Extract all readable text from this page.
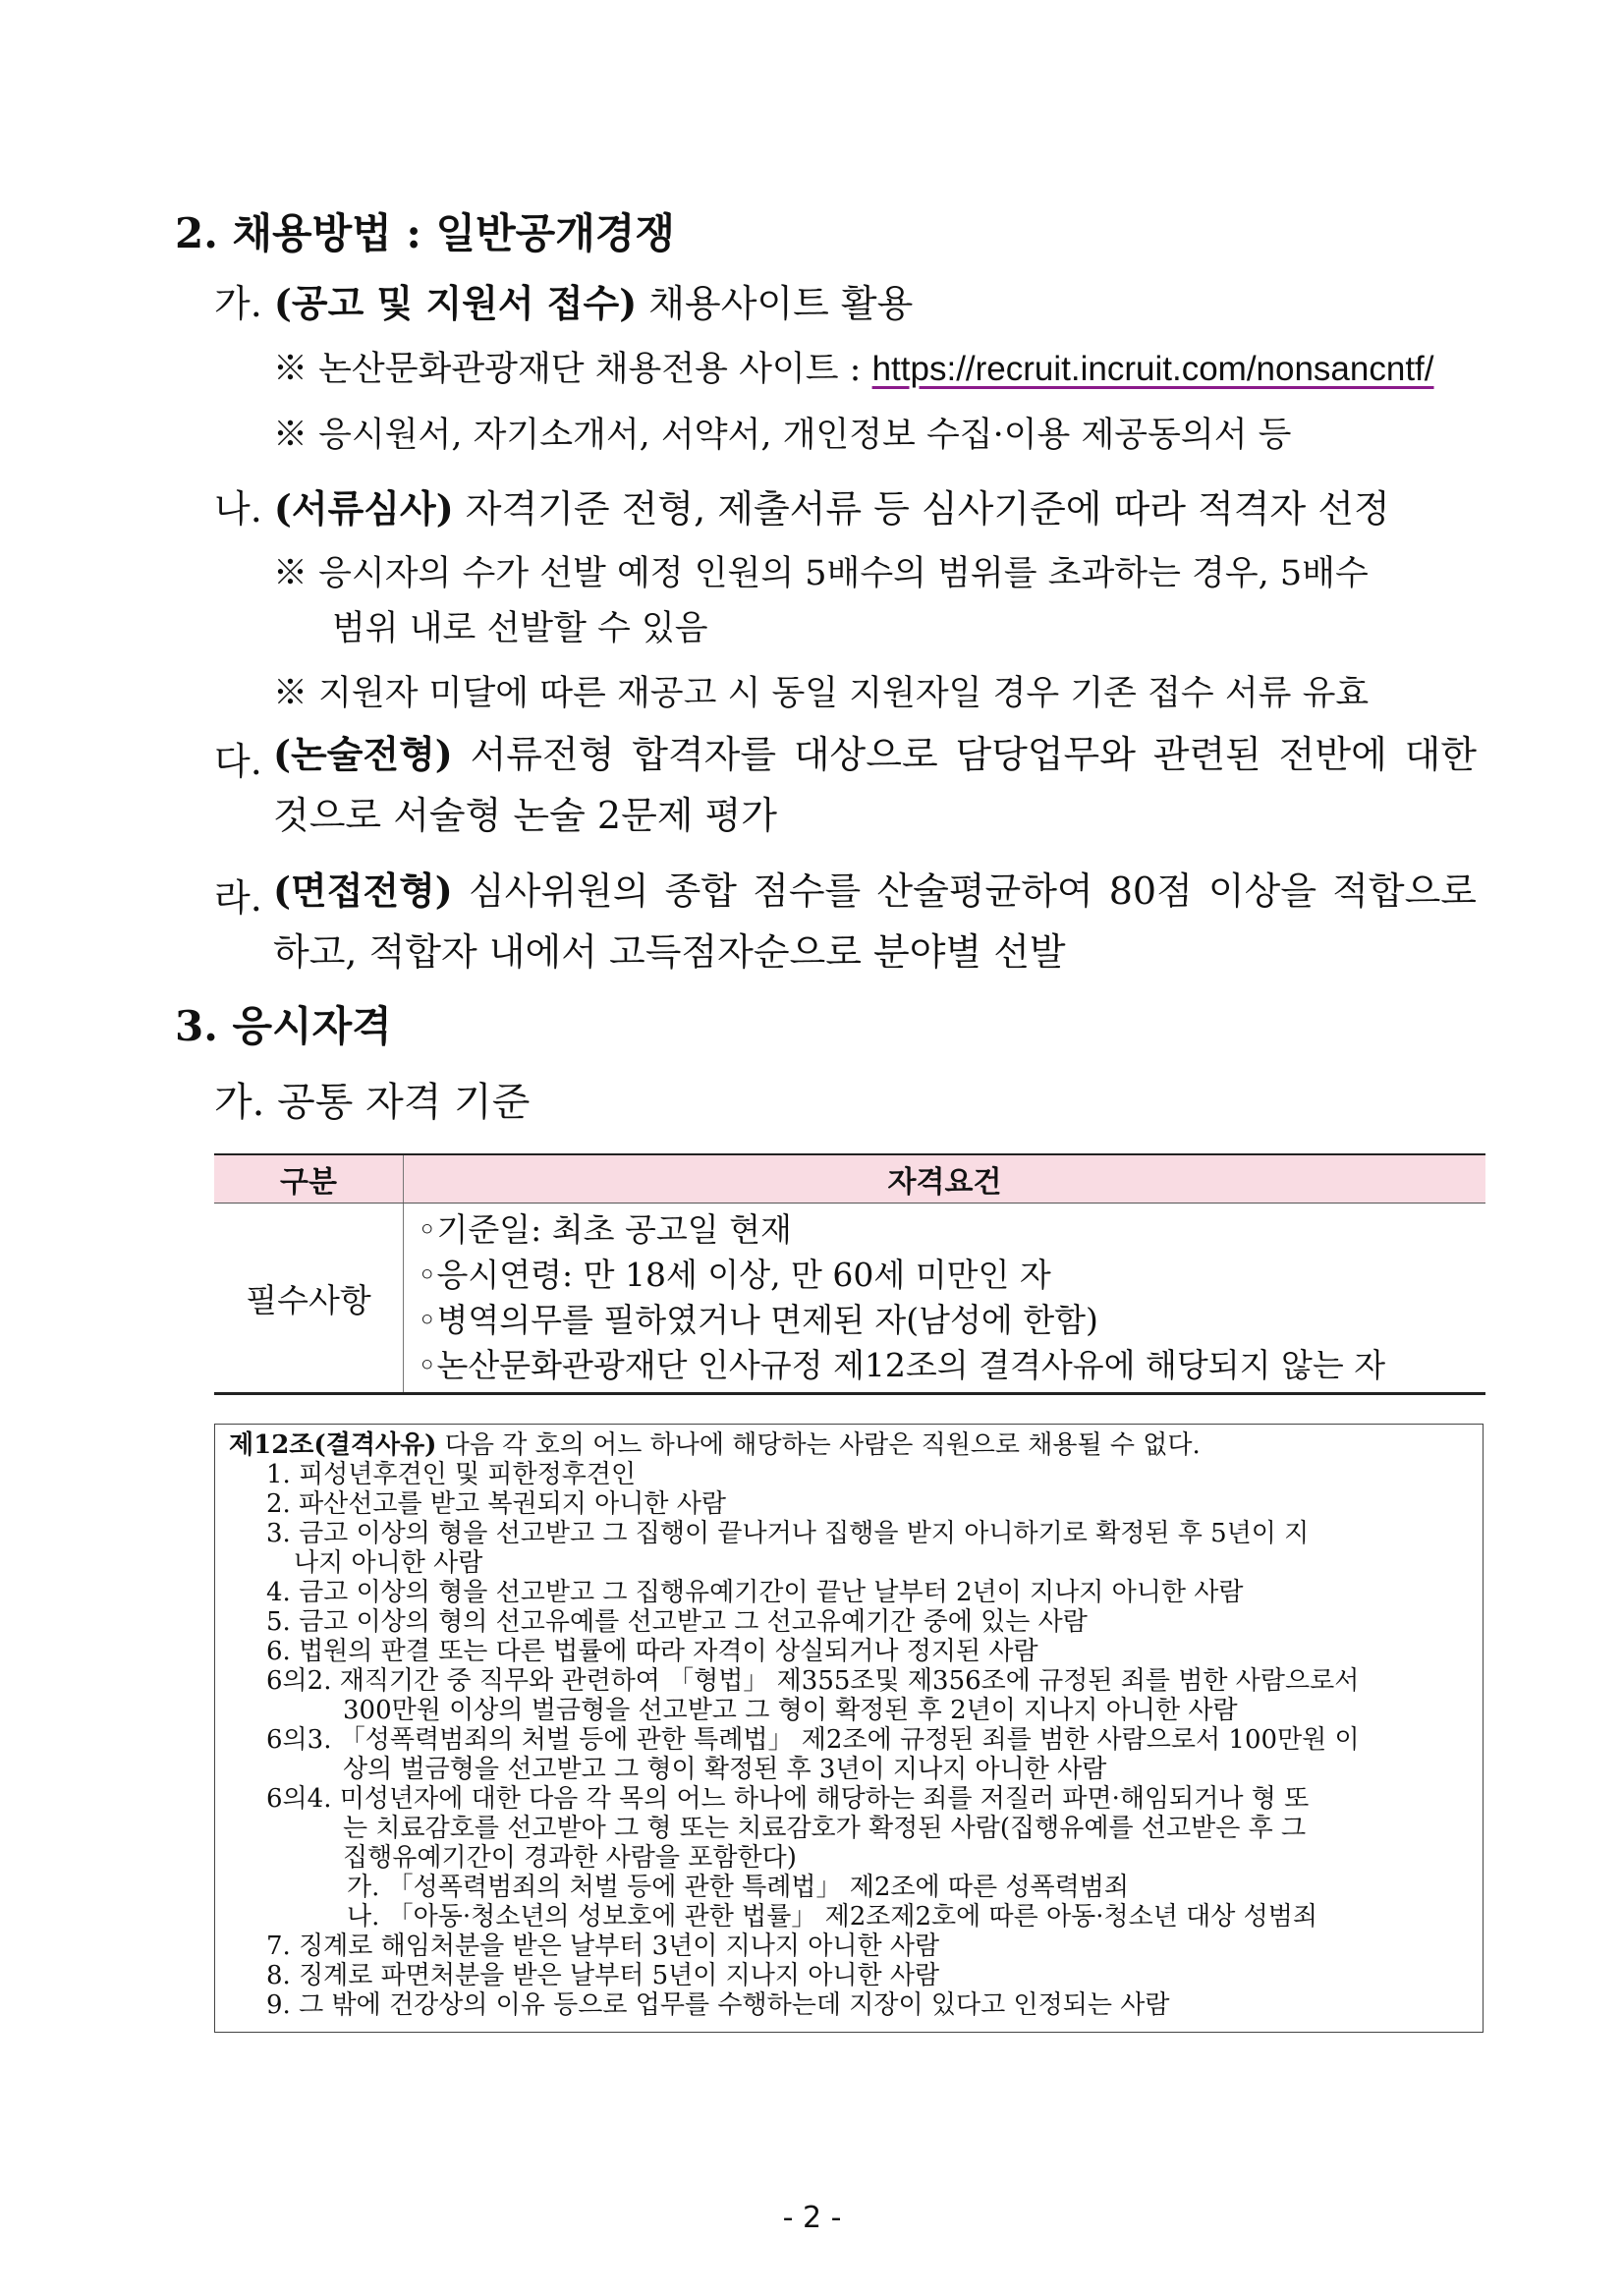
2. 채용방법 : 일반공개경쟁
가. (공고 및 지원서 접수) 채용사이트 활용
※ 논산문화관광재단 채용전용 사이트 : https://recruit.incruit.com/nonsancntf/
※ 응시원서, 자기소개서, 서약서, 개인정보 수집·이용 제공동의서 등
나. (서류심사) 자격기준 전형, 제출서류 등 심사기준에 따라 적격자 선정
※ 응시자의 수가 선발 예정 인원의 5배수의 범위를 초과하는 경우, 5배수
범위 내로 선발할 수 있음
※ 지원자 미달에 따른 재공고 시 동일 지원자일 경우 기존 접수 서류 유효
다. (논술전형) 서류전형 합격자를 대상으로 담당업무와 관련된 전반에 대한 것으로 서술형 논술 2문제 평가
라. (면접전형) 심사위원의 종합 점수를 산술평균하여 80점 이상을 적합으로 하고, 적합자 내에서 고득점자순으로 분야별 선발
3. 응시자격
가. 공통 자격 기준
구분	자격요건
필수사항	◦기준일: 최초 공고일 현재
◦응시연령: 만 18세 이상, 만 60세 미만인 자
◦병역의무를 필하였거나 면제된 자(남성에 한함)
◦논산문화관광재단 인사규정 제12조의 결격사유에 해당되지 않는 자
제12조(결격사유) 다음 각 호의 어느 하나에 해당하는 사람은 직원으로 채용될 수 없다.
1. 피성년후견인 및 피한정후견인
2. 파산선고를 받고 복권되지 아니한 사람
3. 금고 이상의 형을 선고받고 그 집행이 끝나거나 집행을 받지 아니하기로 확정된 후 5년이 지
나지 아니한 사람
4. 금고 이상의 형을 선고받고 그 집행유예기간이 끝난 날부터 2년이 지나지 아니한 사람
5. 금고 이상의 형의 선고유예를 선고받고 그 선고유예기간 중에 있는 사람
6. 법원의 판결 또는 다른 법률에 따라 자격이 상실되거나 정지된 사람
6의2. 재직기간 중 직무와 관련하여 「형법」 제355조및 제356조에 규정된 죄를 범한 사람으로서
300만원 이상의 벌금형을 선고받고 그 형이 확정된 후 2년이 지나지 아니한 사람
6의3. 「성폭력범죄의 처벌 등에 관한 특례법」 제2조에 규정된 죄를 범한 사람으로서 100만원 이
상의 벌금형을 선고받고 그 형이 확정된 후 3년이 지나지 아니한 사람
6의4. 미성년자에 대한 다음 각 목의 어느 하나에 해당하는 죄를 저질러 파면·해임되거나 형 또
는 치료감호를 선고받아 그 형 또는 치료감호가 확정된 사람(집행유예를 선고받은 후 그
집행유예기간이 경과한 사람을 포함한다)
가. 「성폭력범죄의 처벌 등에 관한 특례법」 제2조에 따른 성폭력범죄
나. 「아동·청소년의 성보호에 관한 법률」 제2조제2호에 따른 아동·청소년 대상 성범죄
7. 징계로 해임처분을 받은 날부터 3년이 지나지 아니한 사람
8. 징계로 파면처분을 받은 날부터 5년이 지나지 아니한 사람
9. 그 밖에 건강상의 이유 등으로 업무를 수행하는데 지장이 있다고 인정되는 사람
- 2 -
